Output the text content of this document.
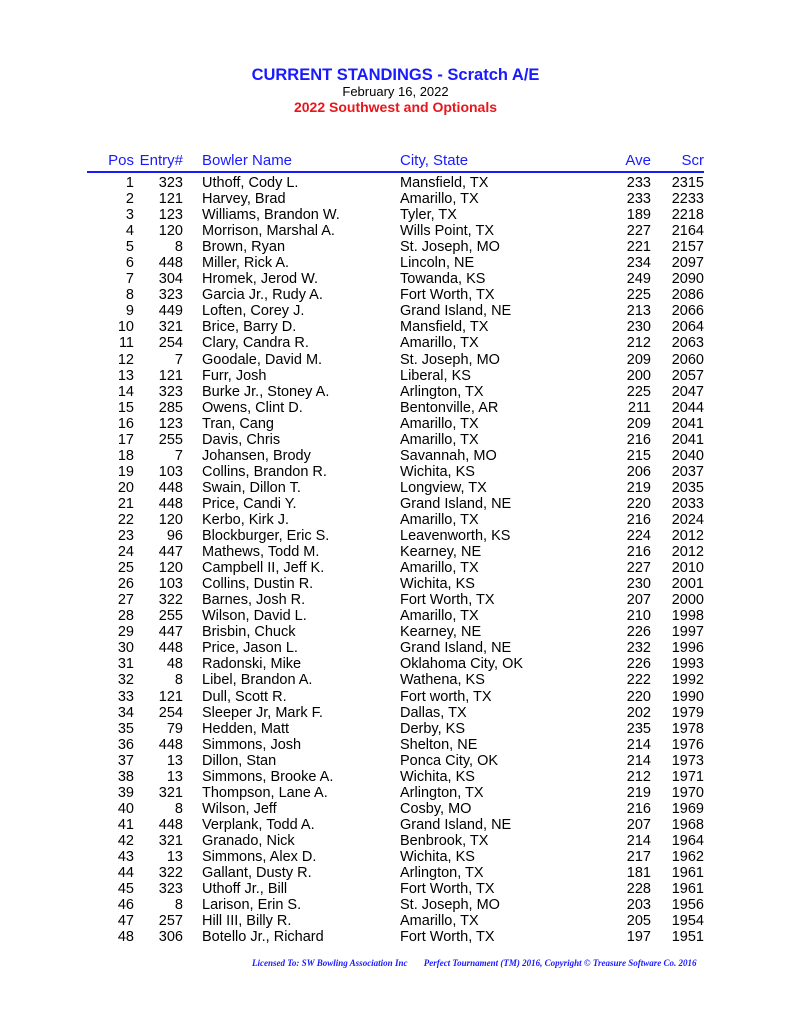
CURRENT STANDINGS - Scratch A/E
February 16, 2022
2022 Southwest and Optionals
Pos Entry# Bowler Name	City, State	Ave Scr
1 323 Uthoff, Cody L.	Mansfield, TX	233 2315
2 121 Harvey, Brad	Amarillo, TX	233 2233
3 123 Williams, Brandon W.	Tyler, TX	189 2218
4 120 Morrison, Marshal A.	Wills Point, TX	227 2164
5	8 Brown, Ryan	St. Joseph, MO	221 2157
6 448 Miller, Rick A.	Lincoln, NE	234 2097
7 304 Hromek, Jerod W.	Towanda, KS	249 2090
8 323 Garcia Jr., Rudy A.	Fort Worth, TX	225 2086
9 449 Loften, Corey J.	Grand Island, NE	213 2066
10 321 Brice, Barry D.	Mansfield, TX	230 2064
11 254 Clary, Candra R.	Amarillo, TX	212 2063
12	7 Goodale, David M.	St. Joseph, MO	209 2060
13 121 Furr, Josh	Liberal, KS	200 2057
14 323 Burke Jr., Stoney A.	Arlington, TX	225 2047
15 285 Owens, Clint D.	Bentonville, AR	211 2044
16 123 Tran, Cang	Amarillo, TX	209 2041
17 255 Davis, Chris	Amarillo, TX	216 2041
18	7 Johansen, Brody	Savannah, MO	215 2040
19 103 Collins, Brandon R.	Wichita, KS	206 2037
20 448 Swain, Dillon T.	Longview, TX	219 2035
21 448 Price, Candi Y.	Grand Island, NE	220 2033
22 120 Kerbo, Kirk J.	Amarillo, TX	216 2024
23 96 Blockburger, Eric S.	Leavenworth, KS	224 2012
24 447 Mathews, Todd M.	Kearney, NE	216 2012
25 120 Campbell II, Jeff K.	Amarillo, TX	227 2010
26 103 Collins, Dustin R.	Wichita, KS	230 2001
27 322 Barnes, Josh R.	Fort Worth, TX	207 2000
28 255 Wilson, David L.	Amarillo, TX	210 1998
29 447 Brisbin, Chuck	Kearney, NE	226 1997
30 448 Price, Jason L.	Grand Island, NE	232 1996
31 48 Radonski, Mike	Oklahoma City, OK	226 1993
32	8 Libel, Brandon A.	Wathena, KS	222 1992
33 121 Dull, Scott R.	Fort worth, TX	220 1990
34 254 Sleeper Jr, Mark F.	Dallas, TX	202 1979
35 79 Hedden, Matt	Derby, KS	235 1978
36 448 Simmons, Josh	Shelton, NE	214 1976
37 13 Dillon, Stan	Ponca City, OK	214 1973
38 13 Simmons, Brooke A.	Wichita, KS	212 1971
39 321 Thompson, Lane A.	Arlington, TX	219 1970
40	8 Wilson, Jeff	Cosby, MO	216 1969
41 448 Verplank, Todd A.	Grand Island, NE	207 1968
42 321 Granado, Nick	Benbrook, TX	214 1964
43 13 Simmons, Alex D.	Wichita, KS	217 1962
44 322 Gallant, Dusty R.	Arlington, TX	181 1961
45 323 Uthoff Jr., Bill	Fort Worth, TX	228 1961
46	8 Larison, Erin S.	St. Joseph, MO	203 1956
47 257 Hill III, Billy R.	Amarillo, TX	205 1954
48 306 Botello Jr., Richard	Fort Worth, TX	197 1951
Licensed To: SW Bowling Association Inc Perfect Tournament (TM) 2016, Copyright © Treasure Software Co. 2016
